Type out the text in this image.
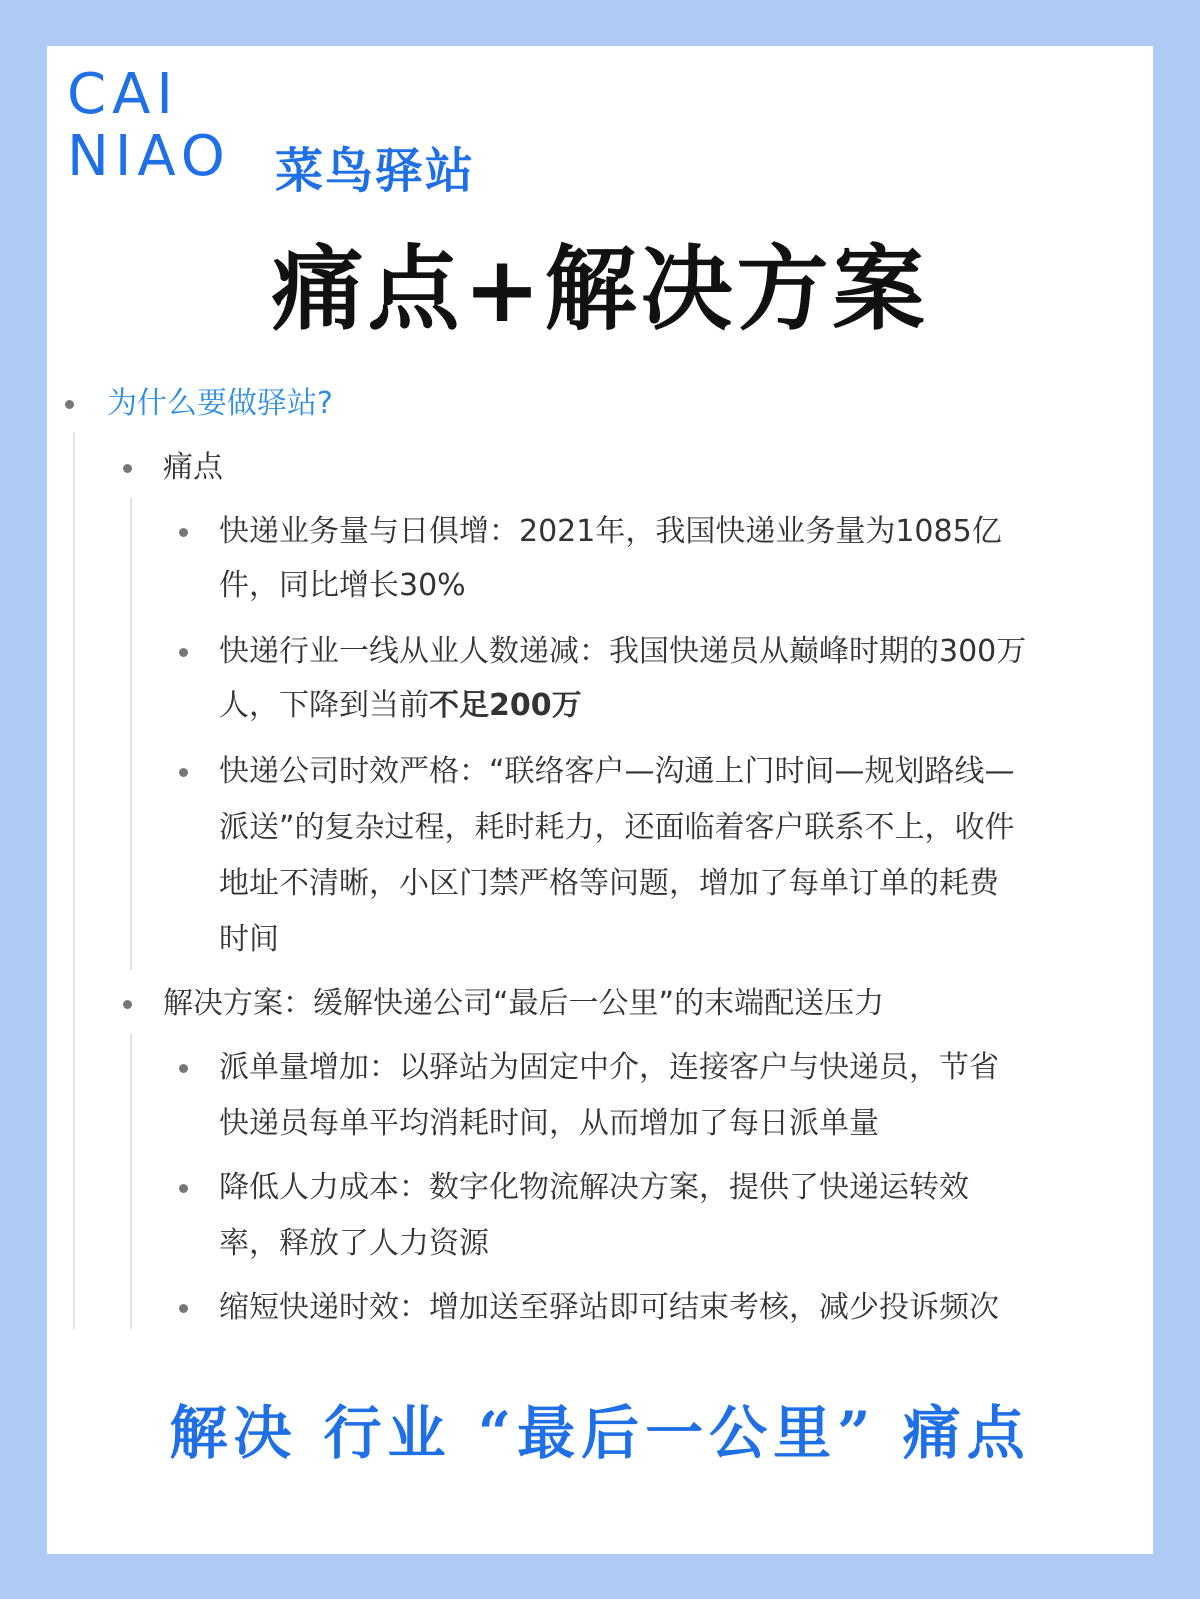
CAI
NIAO 菜鸟驿站
痛点+解决方案
为什么要做驿站?
痛点
快递业务量与日俱增：2021年，我国快递业务量为1085亿
件，同比增长30%
快递行业一线从业人数递减：我国快递员从巅峰时期的300万
人，下降到当前不足200万
快递公司时效严格：“联络客户—沟通上门时间—规划路线—
派送”的复杂过程，耗时耗力，还面临着客户联系不上，收件
地址不清晰，小区门禁严格等问题，增加了每单订单的耗费
时间
解决方案：缓解快递公司“最后一公里”的末端配送压力
派单量增加：以驿站为固定中介，连接客户与快递员，节省
快递员每单平均消耗时间，从而增加了每日派单量
降低人力成本：数字化物流解决方案，提供了快递运转效
率，释放了人力资源
缩短快递时效：增加送至驿站即可结束考核，减少投诉频次
解决 行业 “最后一公里” 痛点
